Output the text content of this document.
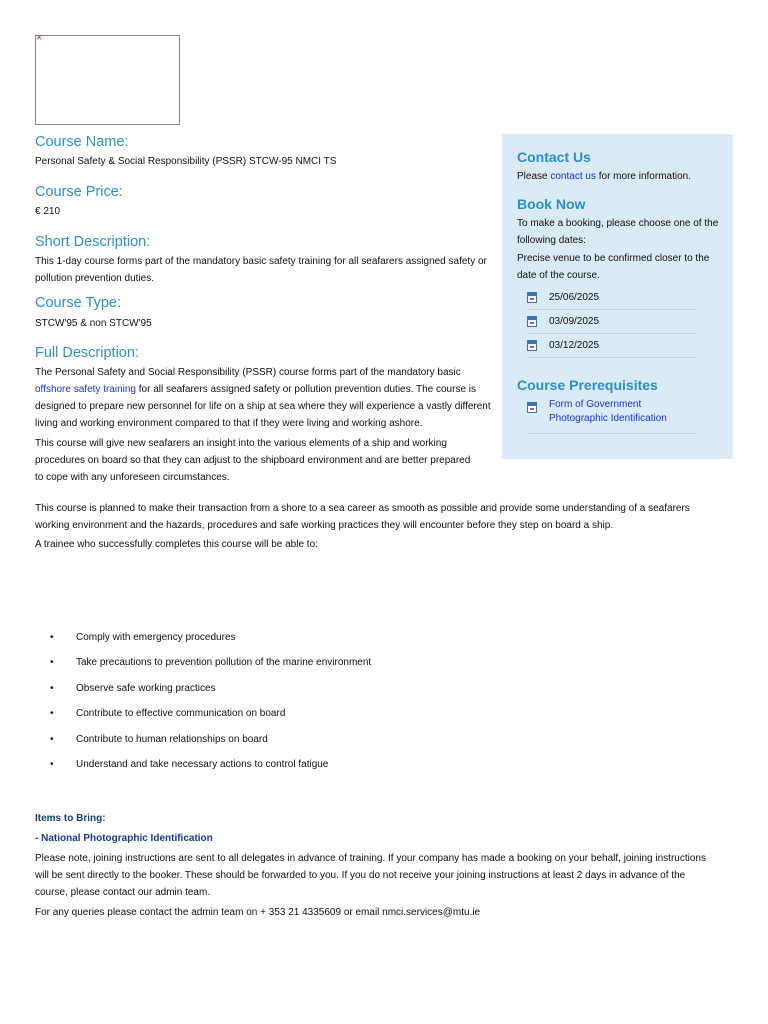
×
Course Name:

Personal Safety & Social Responsibility (PSSR) STCW-95 NMCI TS

Course Price:

€ 210

Short Description:

This 1-day course forms part of the mandatory basic safety training for all seafarers assigned safety or pollution prevention duties.

Course Type:

STCW'95 & non STCW'95

Full Description:

The Personal Safety and Social Responsibility (PSSR) course forms part of the mandatory basic offshore safety training for all seafarers assigned safety or pollution prevention duties. The course is designed to prepare new personnel for life on a ship at sea where they will experience a vastly different living and working environment compared to that if they were living and working ashore.

This course will give new seafarers an insight into the various elements of a ship and working procedures on board so that they can adjust to the shipboard environment and are better prepared to cope with any unforeseen circumstances.

This course is planned to make their transaction from a shore to a sea career as smooth as possible and provide some understanding of a seafarers working environment and the hazards, procedures and safe working practices they will encounter before they step on board a ship.

A trainee who successfully completes this course will be able to:

• Comply with emergency procedures
• Take precautions to prevention pollution of the marine environment
• Observe safe working practices
• Contribute to effective communication on board
• Contribute to human relationships on board
• Understand and take necessary actions to control fatigue

Items to Bring:

- National Photographic Identification

Please note, joining instructions are sent to all delegates in advance of training. If your company has made a booking on your behalf, joining instructions will be sent directly to the booker. These should be forwarded to you. If you do not receive your joining instructions at least 2 days in advance of the course, please contact our admin team.

For any queries please contact the admin team on + 353 21 4335609 or email nmci.services@mtu.ie

Contact Us

Please contact us for more information.

Book Now

To make a booking, please choose one of the following dates:

Precise venue to be confirmed closer to the date of the course.

25/06/2025
03/09/2025
03/12/2025
Course Prerequisites
Form of Government Photographic Identification
